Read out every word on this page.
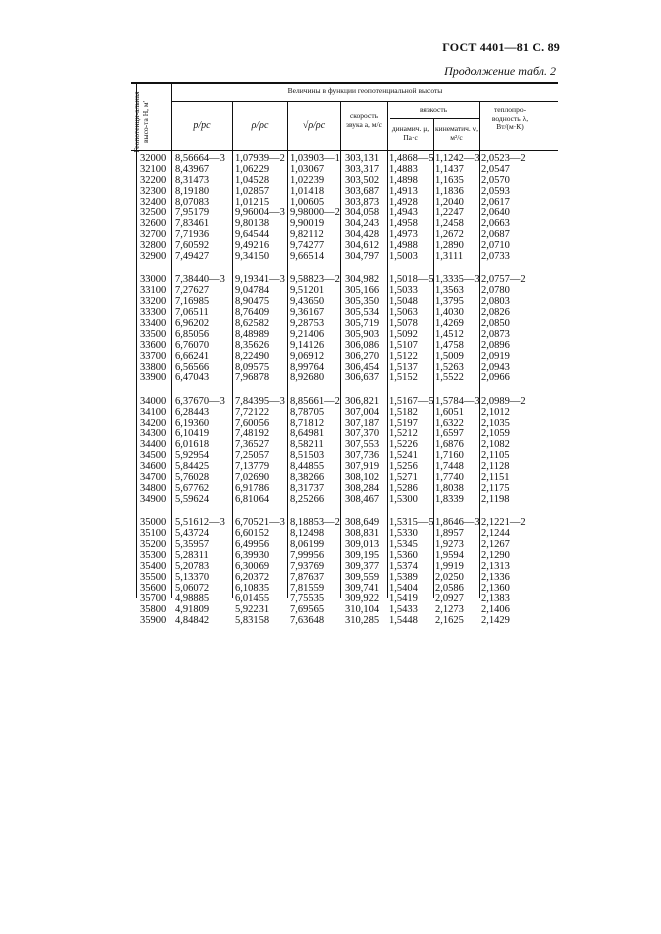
ГОСТ 4401—81 С. 89
Продолжение табл. 2
Геопотенци-альная высо-та H, м'
Величины в функции геопотенциальной высоты
p/pc	ρ/ρc	√ρ/ρc
скорость звука a, м/с
вязкость
динамич. μ, Па·с
кинематич. ν, м²/с
теплопро-водность λ, Вт/(м·К)
32000
32100
32200
32300
32400
32500
32600
32700
32800
32900
33000
33100
33200
33300
33400
33500
33600
33700
33800
33900
34000
34100
34200
34300
34400
34500
34600
34700
34800
34900
35000
35100
35200
35300
35400
35500
35600
35700
35800
35900
8,56664—3
8,43967
8,31473
8,19180
8,07083
7,95179
7,83461
7,71936
7,60592
7,49427
7,38440—3
7,27627
7,16985
7,06511
6,96202
6,85056
6,76070
6,66241
6,56566
6,47043
6,37670—3
6,28443
6,19360
6,10419
6,01618
5,92954
5,84425
5,76028
5,67762
5,59624
5,51612—3
5,43724
5,35957
5,28311
5,20783
5,13370
5,06072
4,98885
4,91809
4,84842
1,07939—2
1,06229
1,04528
1,02857
1,01215
9,96004—3
9,80138
9,64544
9,49216
9,34150
9,19341—3
9,04784
8,90475
8,76409
8,62582
8,48989
8,35626
8,22490
8,09575
7,96878
7,84395—3
7,72122
7,60056
7,48192
7,36527
7,25057
7,13779
7,02690
6,91786
6,81064
6,70521—3
6,60152
6,49956
6,39930
6,30069
6,20372
6,10835
6,01455
5,92231
5,83158
1,03903—1
1,03067
1,02239
1,01418
1,00605
9,98000—2
9,90019
9,82112
9,74277
9,66514
9,58823—2
9,51201
9,43650
9,36167
9,28753
9,21406
9,14126
9,06912
8,99764
8,92680
8,85661—2
8,78705
8,71812
8,64981
8,58211
8,51503
8,44855
8,38266
8,31737
8,25266
8,18853—2
8,12498
8,06199
7,99956
7,93769
7,87637
7,81559
7,75535
7,69565
7,63648
303,131
303,317
303,502
303,687
303,873
304,058
304,243
304,428
304,612
304,797
304,982
305,166
305,350
305,534
305,719
305,903
306,086
306,270
306,454
306,637
306,821
307,004
307,187
307,370
307,553
307,736
307,919
308,102
308,284
308,467
308,649
308,831
309,013
309,195
309,377
309,559
309,741
309,922
310,104
310,285
1,4868—5
1,4883
1,4898
1,4913
1,4928
1,4943
1,4958
1,4973
1,4988
1,5003
1,5018—5
1,5033
1,5048
1,5063
1,5078
1,5092
1,5107
1,5122
1,5137
1,5152
1,5167—5
1,5182
1,5197
1,5212
1,5226
1,5241
1,5256
1,5271
1,5286
1,5300
1,5315—5
1,5330
1,5345
1,5360
1,5374
1,5389
1,5404
1,5419
1,5433
1,5448
1,1242—3
1,1437
1,1635
1,1836
1,2040
1,2247
1,2458
1,2672
1,2890
1,3111
1,3335—3
1,3563
1,3795
1,4030
1,4269
1,4512
1,4758
1,5009
1,5263
1,5522
1,5784—3
1,6051
1,6322
1,6597
1,6876
1,7160
1,7448
1,7740
1,8038
1,8339
1,8646—3
1,8957
1,9273
1,9594
1,9919
2,0250
2,0586
2,0927
2,1273
2,1625
2,0523—2
2,0547
2,0570
2,0593
2,0617
2,0640
2,0663
2,0687
2,0710
2,0733
2,0757—2
2,0780
2,0803
2,0826
2,0850
2,0873
2,0896
2,0919
2,0943
2,0966
2,0989—2
2,1012
2,1035
2,1059
2,1082
2,1105
2,1128
2,1151
2,1175
2,1198
2,1221—2
2,1244
2,1267
2,1290
2,1313
2,1336
2,1360
2,1383
2,1406
2,1429
